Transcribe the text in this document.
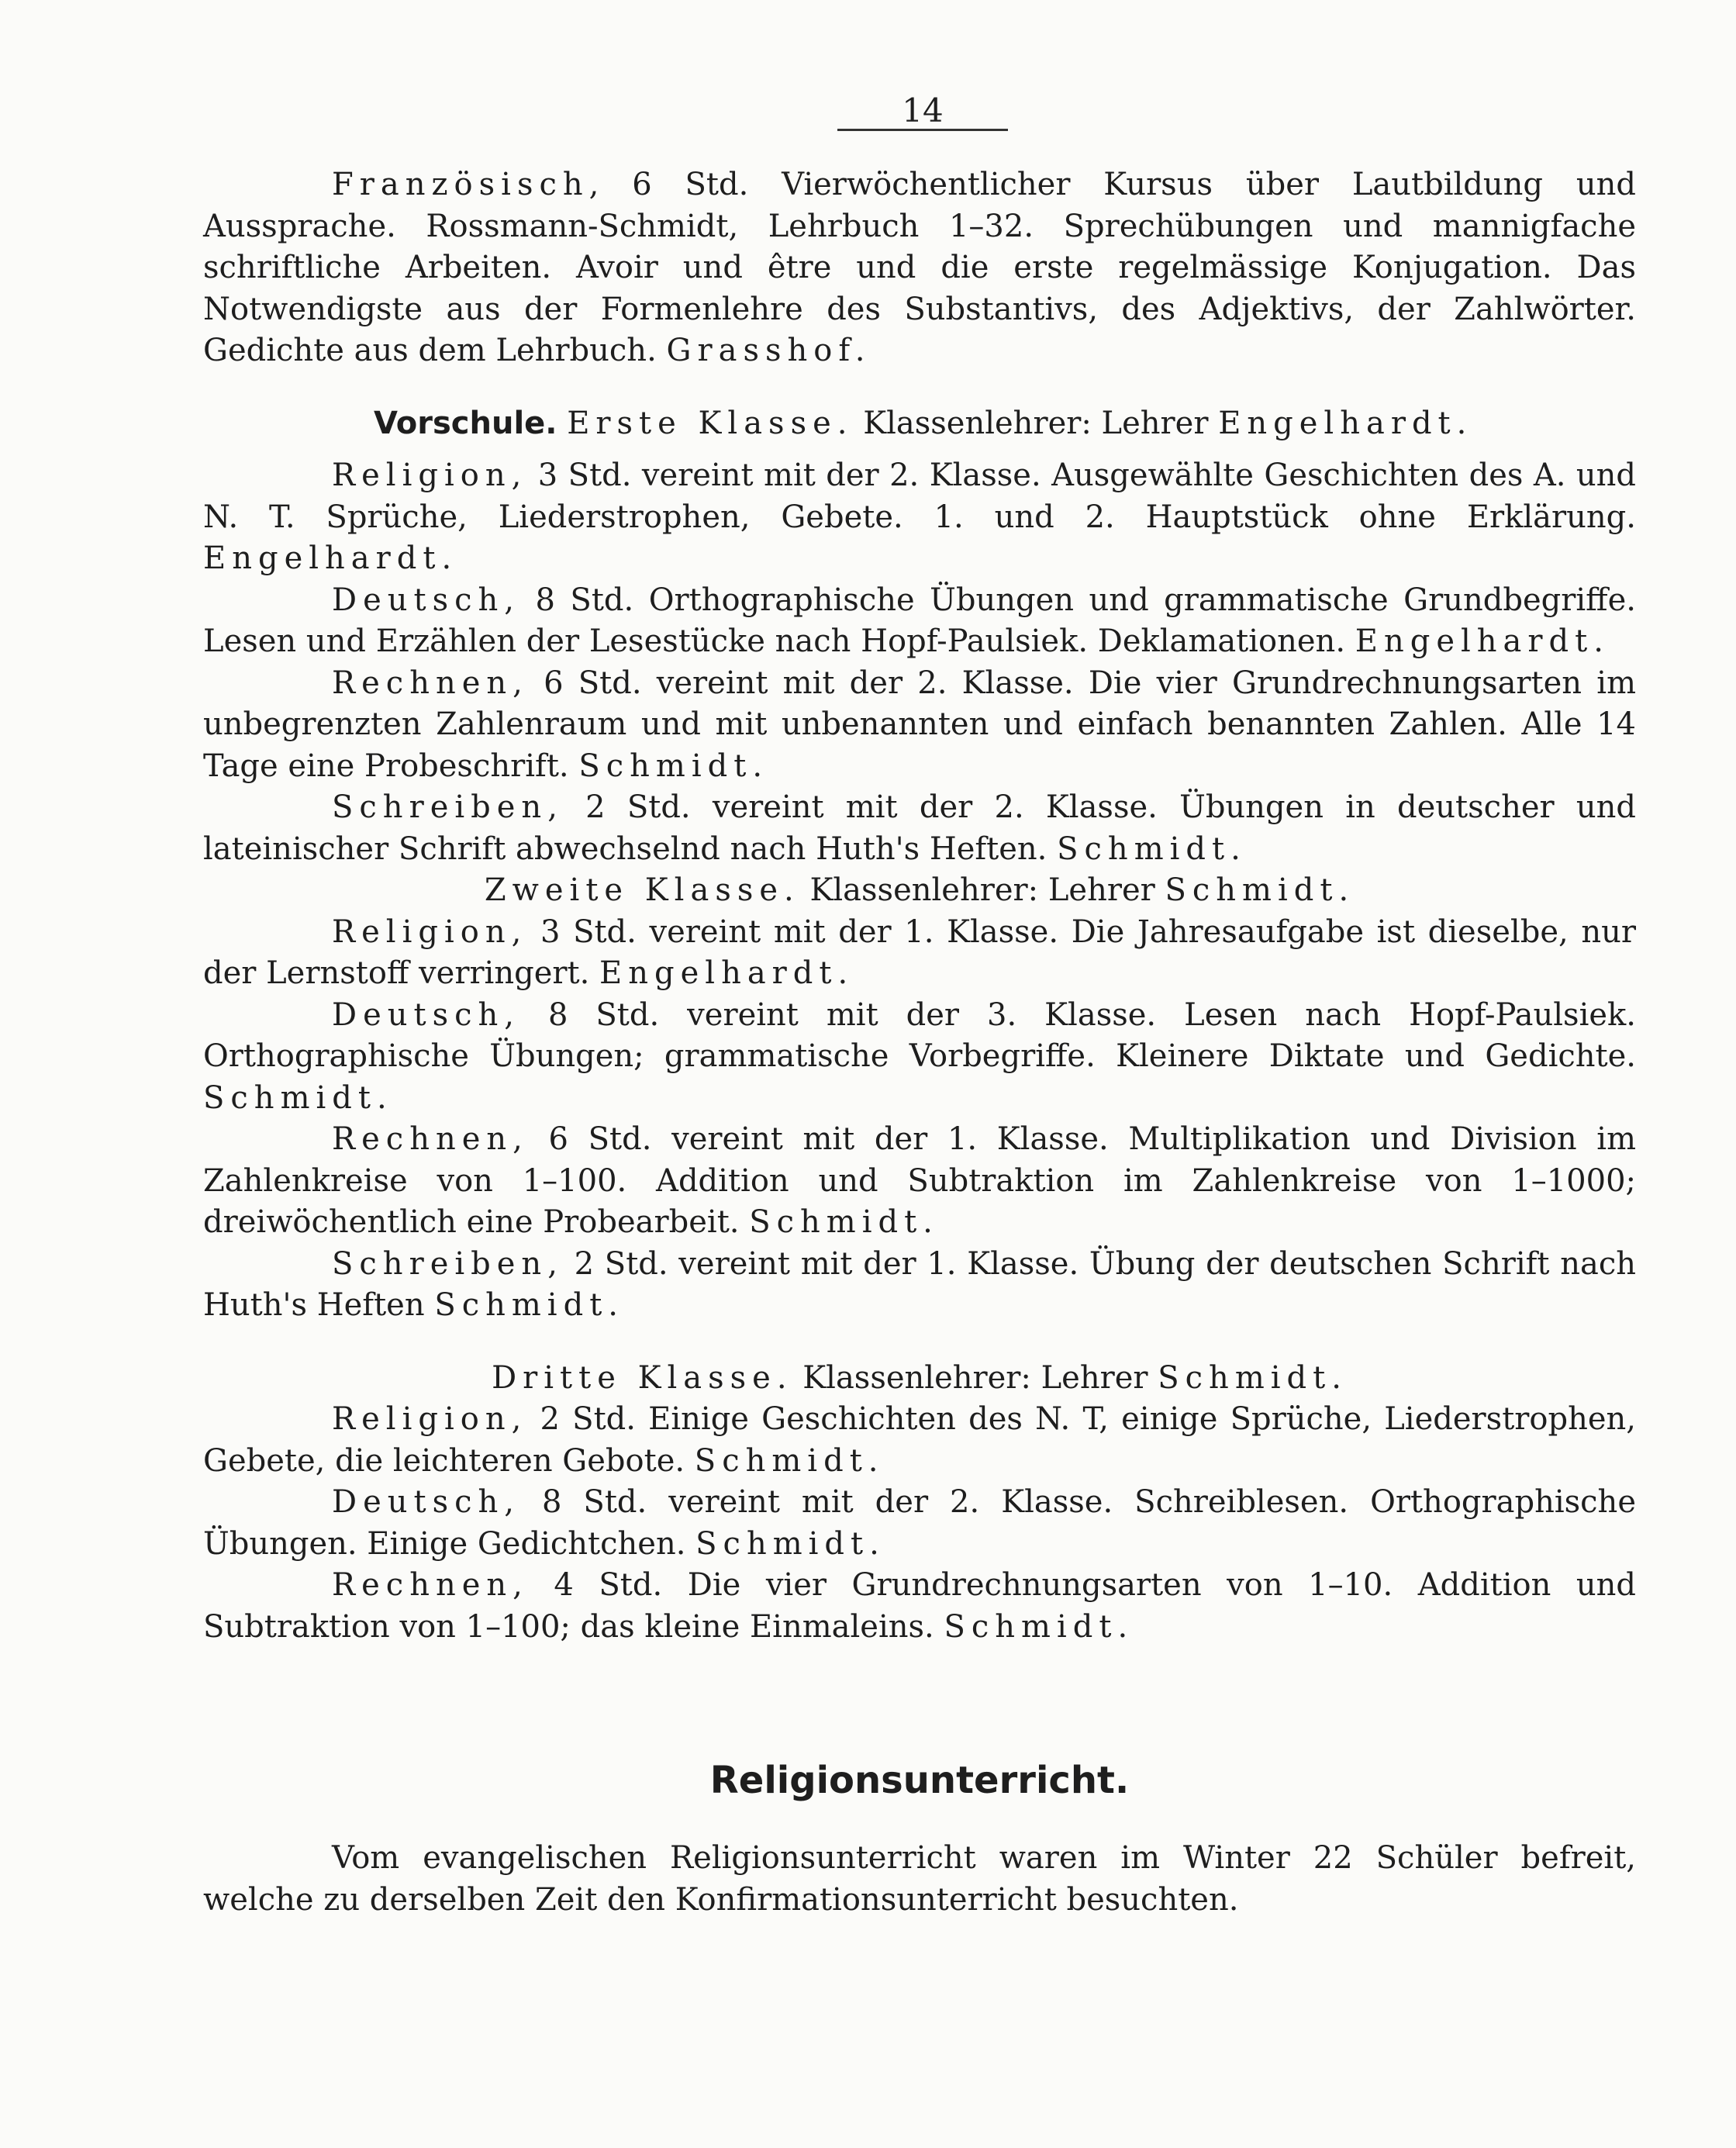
14

Französisch, 6 Std. Vierwöchentlicher Kursus über Lautbildung und Aussprache. Rossmann-Schmidt, Lehrbuch 1–32. Sprechübungen und mannigfache schriftliche Arbeiten. Avoir und être und die erste regelmässige Konjugation. Das Notwendigste aus der Formenlehre des Substantivs, des Adjektivs, der Zahlwörter. Gedichte aus dem Lehrbuch. Grasshof.

Vorschule. Erste Klasse. Klassenlehrer: Lehrer Engelhardt.

Religion, 3 Std. vereint mit der 2. Klasse. Ausgewählte Geschichten des A. und N. T. Sprüche, Liederstrophen, Gebete. 1. und 2. Hauptstück ohne Erklärung. Engelhardt.

Deutsch, 8 Std. Orthographische Übungen und grammatische Grundbegriffe. Lesen und Erzählen der Lesestücke nach Hopf-Paulsiek. Deklamationen. Engelhardt.

Rechnen, 6 Std. vereint mit der 2. Klasse. Die vier Grundrechnungsarten im unbegrenzten Zahlenraum und mit unbenannten und einfach benannten Zahlen. Alle 14 Tage eine Probeschrift. Schmidt.

Schreiben, 2 Std. vereint mit der 2. Klasse. Übungen in deutscher und lateinischer Schrift abwechselnd nach Huth's Heften. Schmidt.

Zweite Klasse. Klassenlehrer: Lehrer Schmidt.

Religion, 3 Std. vereint mit der 1. Klasse. Die Jahresaufgabe ist dieselbe, nur der Lernstoff verringert. Engelhardt.

Deutsch, 8 Std. vereint mit der 3. Klasse. Lesen nach Hopf-Paulsiek. Orthographische Übungen; grammatische Vorbegriffe. Kleinere Diktate und Gedichte. Schmidt.

Rechnen, 6 Std. vereint mit der 1. Klasse. Multiplikation und Division im Zahlenkreise von 1–100. Addition und Subtraktion im Zahlenkreise von 1–1000; dreiwöchentlich eine Probearbeit. Schmidt.

Schreiben, 2 Std. vereint mit der 1. Klasse. Übung der deutschen Schrift nach Huth's Heften Schmidt.

Dritte Klasse. Klassenlehrer: Lehrer Schmidt.

Religion, 2 Std. Einige Geschichten des N. T, einige Sprüche, Liederstrophen, Gebete, die leichteren Gebote. Schmidt.

Deutsch, 8 Std. vereint mit der 2. Klasse. Schreiblesen. Orthographische Übungen. Einige Gedichtchen. Schmidt.

Rechnen, 4 Std. Die vier Grundrechnungsarten von 1–10. Addition und Subtraktion von 1–100; das kleine Einmaleins. Schmidt.

Religionsunterricht.

Vom evangelischen Religionsunterricht waren im Winter 22 Schüler befreit, welche zu derselben Zeit den Konfirmationsunterricht besuchten.
